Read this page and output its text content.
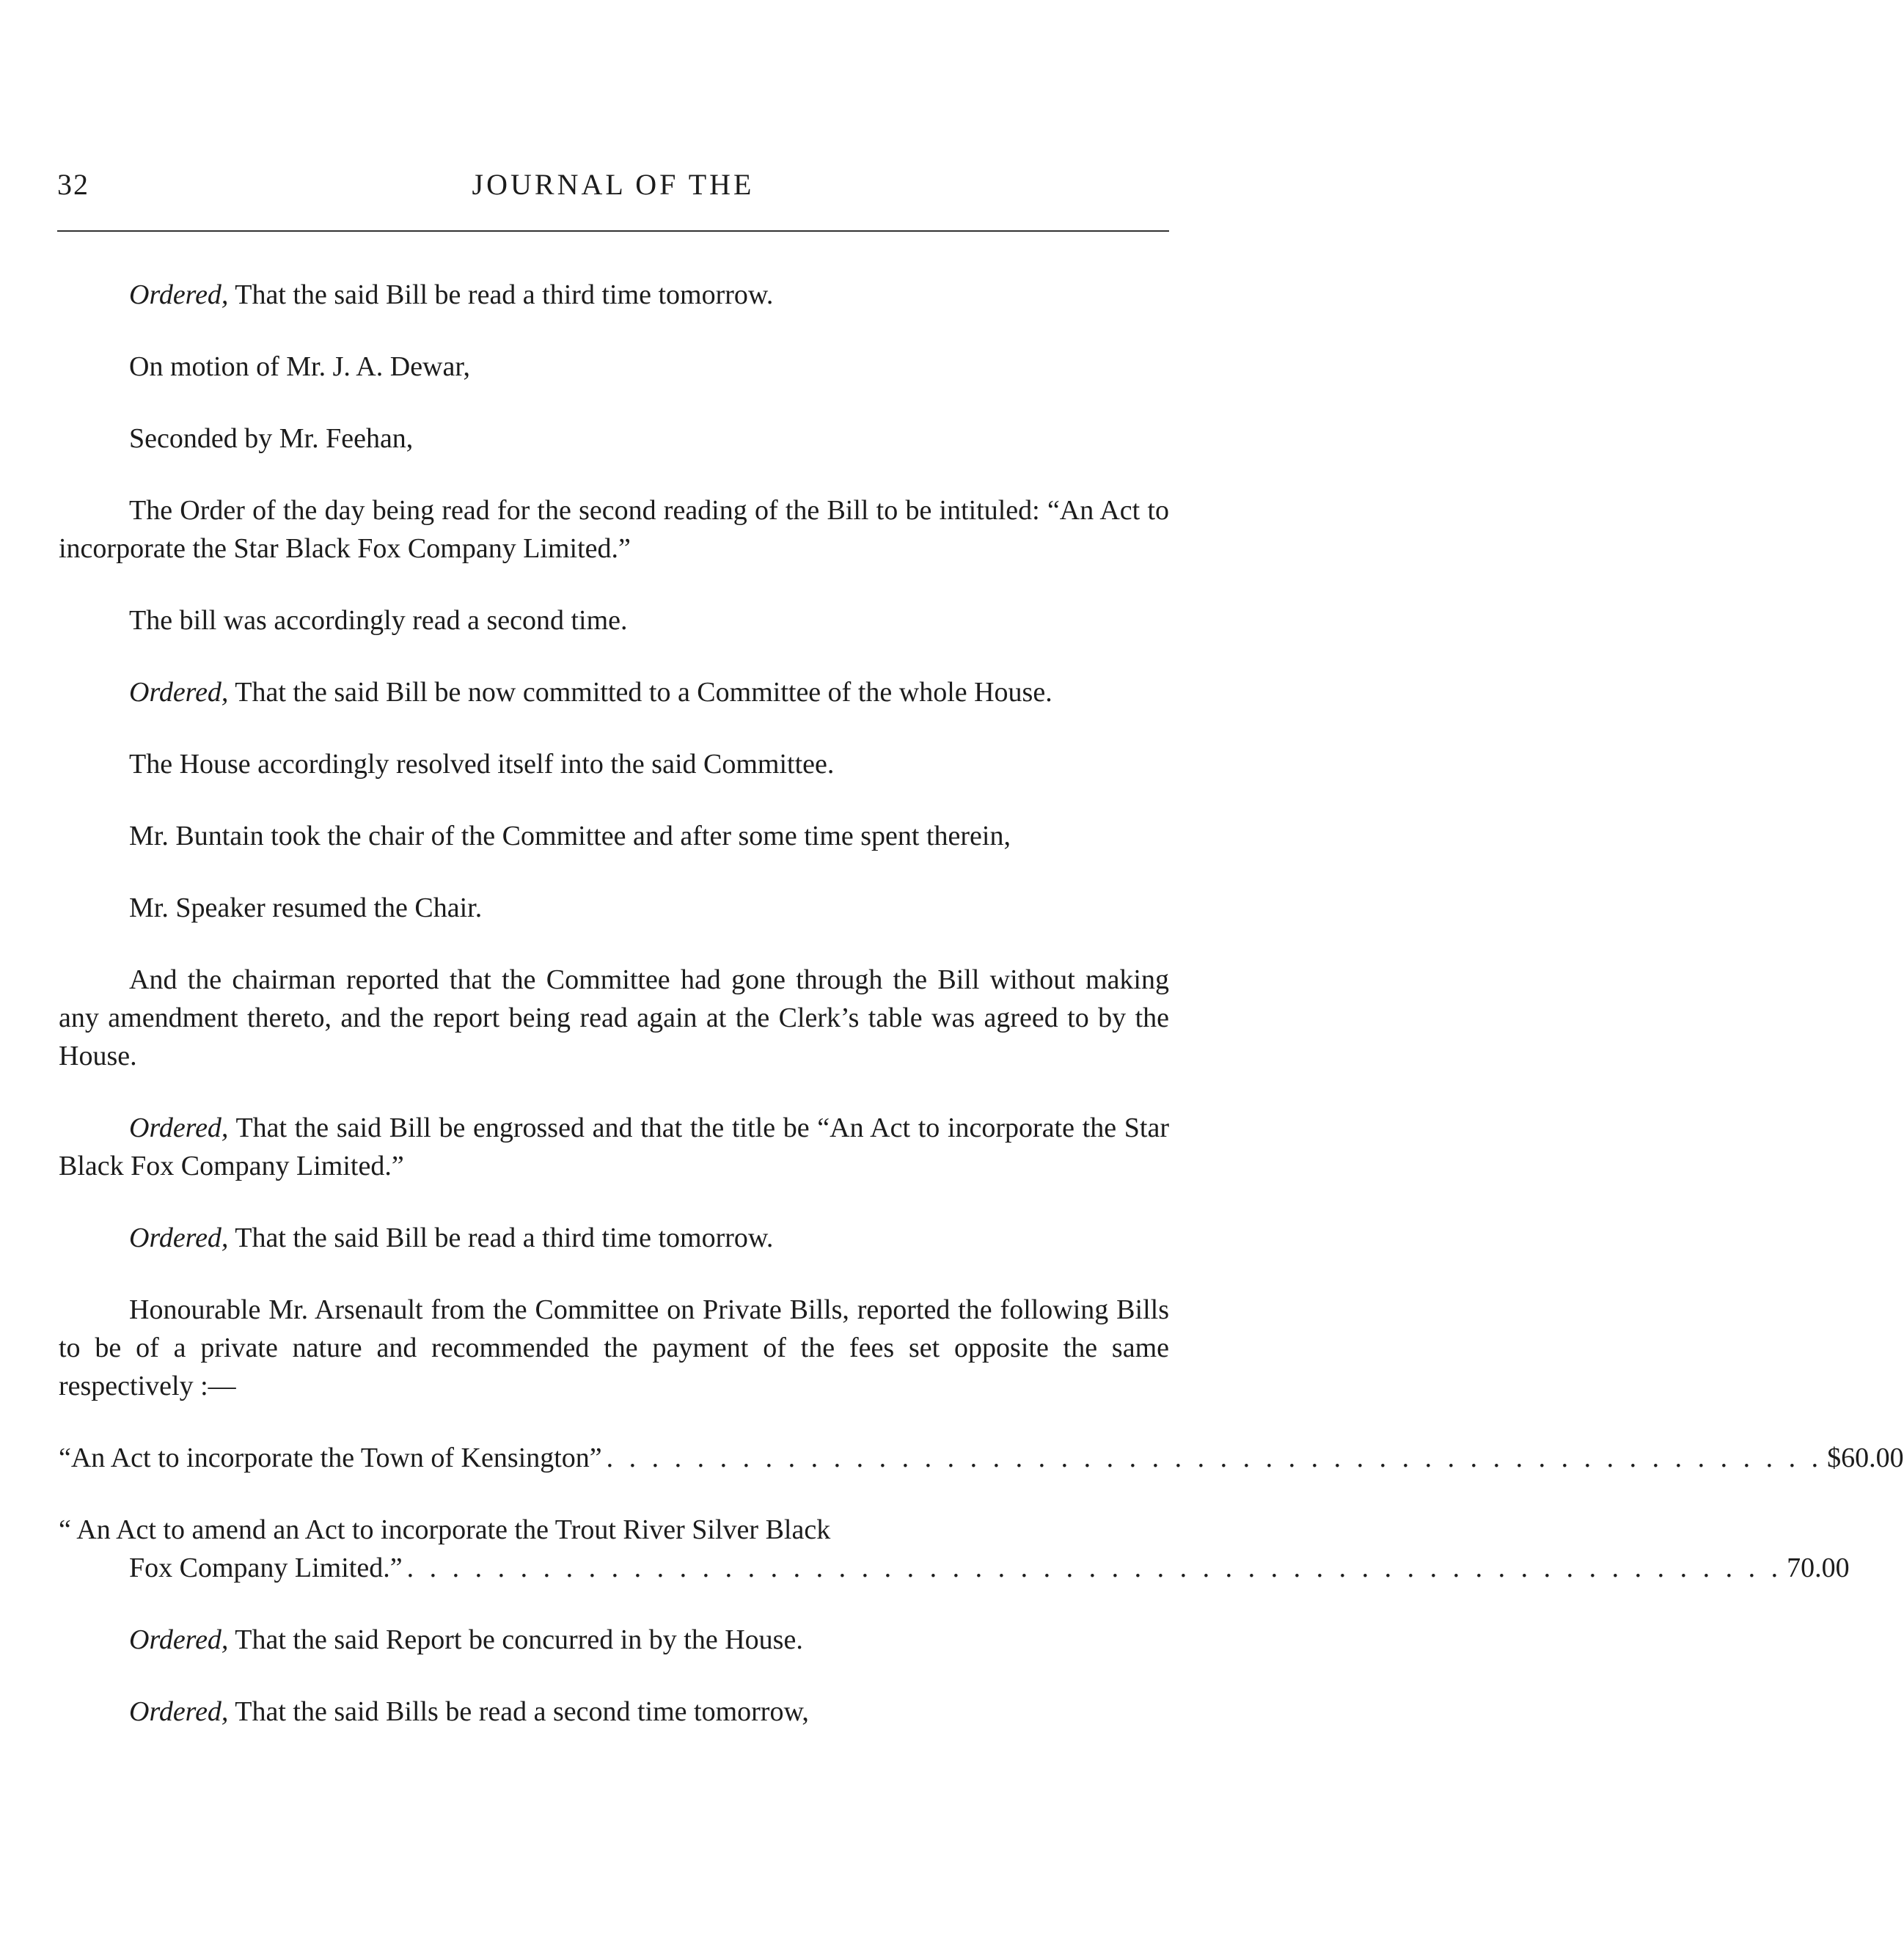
32	JOURNAL OF THE

Ordered, That the said Bill be read a third time tomorrow.

On motion of Mr. J. A. Dewar,

Seconded by Mr. Feehan,

The Order of the day being read for the second reading of the Bill to be intituled: “An Act to incorporate the Star Black Fox Company Limited.”

The bill was accordingly read a second time.

Ordered, That the said Bill be now committed to a Committee of the whole House.

The House accordingly resolved itself into the said Committee.

Mr. Buntain took the chair of the Committee and after some time spent therein,

Mr. Speaker resumed the Chair.

And the chairman reported that the Committee had gone through the Bill without making any amendment thereto, and the report being read again at the Clerk’s table was agreed to by the House.

Ordered, That the said Bill be engrossed and that the title be “An Act to incorporate the Star Black Fox Company Limited.”

Ordered, That the said Bill be read a third time tomorrow.

Honourable Mr. Arsenault from the Committee on Private Bills, reported the following Bills to be of a private nature and recommended the payment of the fees set opposite the same respectively :—

“An Act to incorporate the Town of Kensington” . . . . . . . . . . . . . . . . . . . . . . . . . . . . . . . . . . . . . . . . . . . . . . . . . . . . . . $60.00

“ An Act to amend an Act to incorporate the Trout River Silver Black

Fox Company Limited.” . . . . . . . . . . . . . . . . . . . . . . . . . . . . . . . . . . . . . . . . . . . . . . . . . . . . . . . . . . . . . 70.00

Ordered, That the said Report be concurred in by the House.

Ordered, That the said Bills be read a second time tomorrow,
